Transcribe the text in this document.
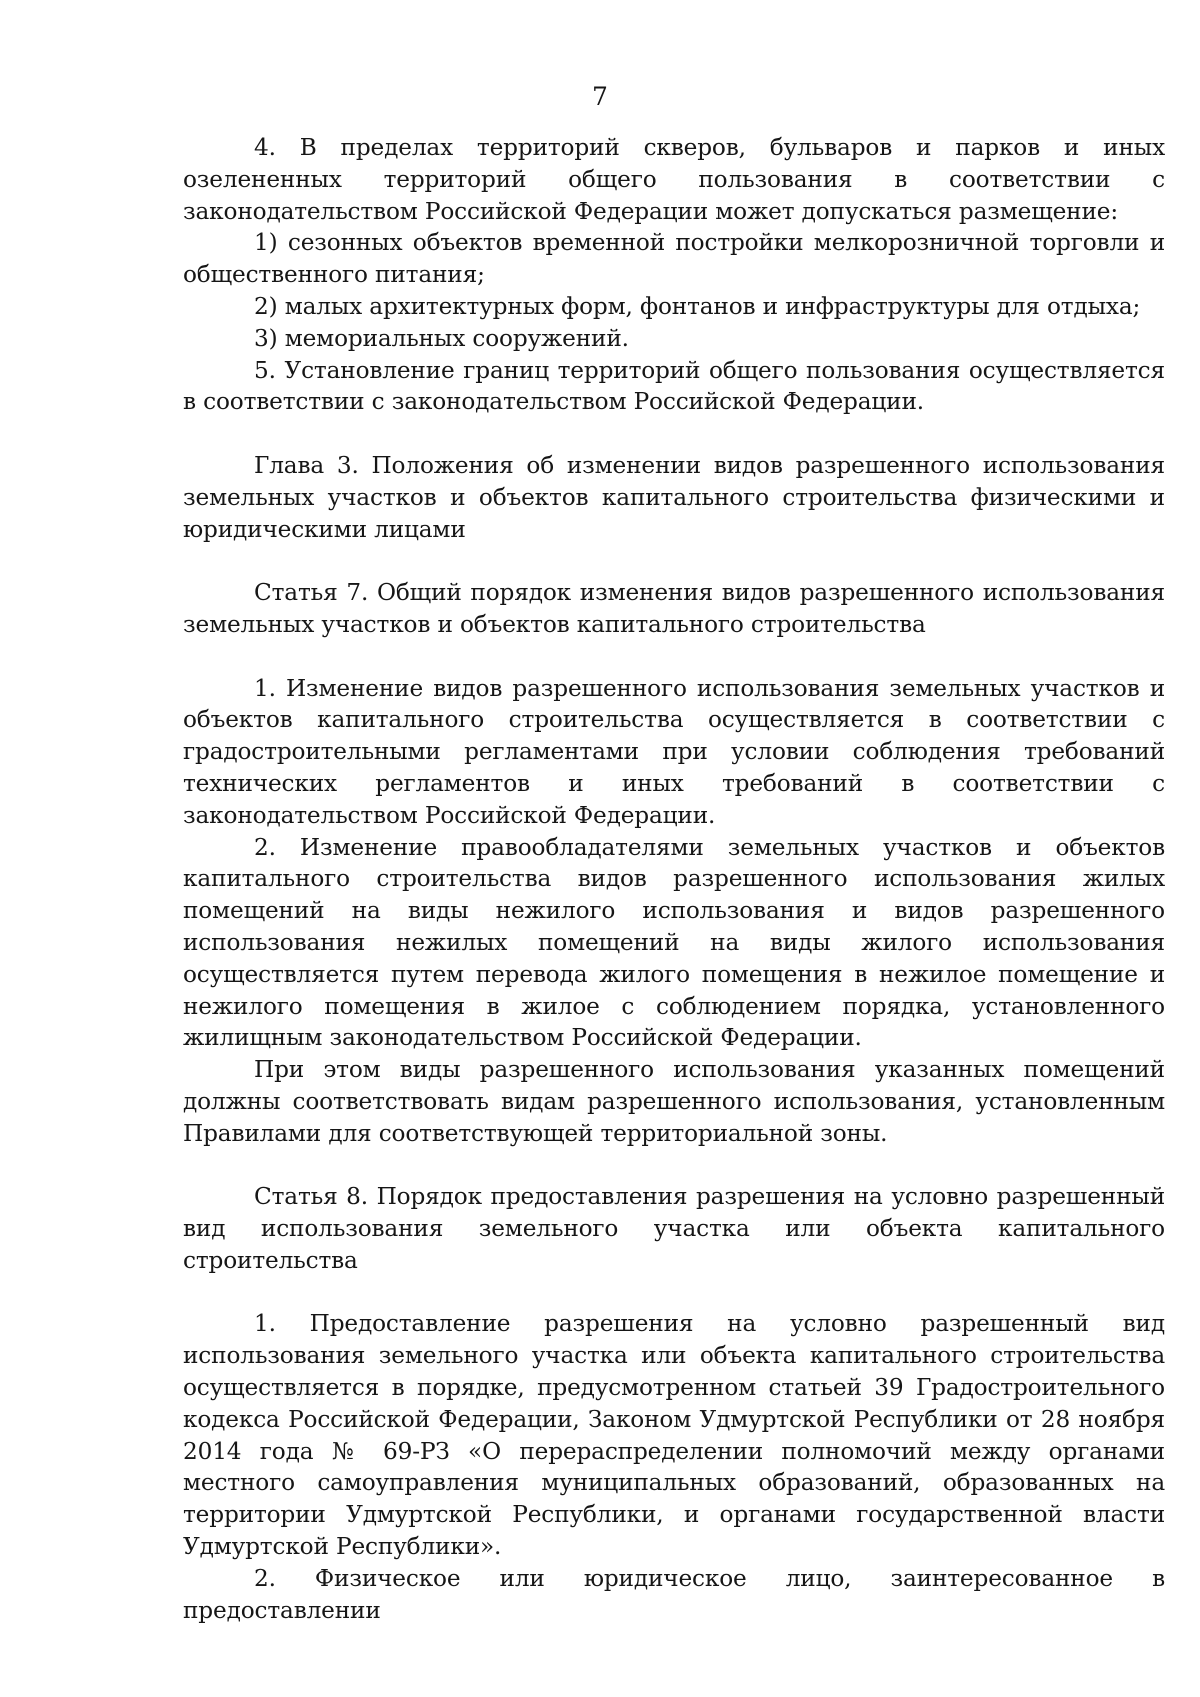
7

4. В пределах территорий скверов, бульваров и парков и иных озелененных территорий общего пользования в соответствии с законодательством Российской Федерации может допускаться размещение:

1) сезонных объектов временной постройки мелкорозничной торговли и общественного питания;

2) малых архитектурных форм, фонтанов и инфраструктуры для отдыха;

3) мемориальных сооружений.

5. Установление границ территорий общего пользования осуществляется в соответствии с законодательством Российской Федерации.

Глава 3. Положения об изменении видов разрешенного использования земельных участков и объектов капитального строительства физическими и юридическими лицами

Статья 7. Общий порядок изменения видов разрешенного использования земельных участков и объектов капитального строительства

1. Изменение видов разрешенного использования земельных участков и объектов капитального строительства осуществляется в соответствии с градостроительными регламентами при условии соблюдения требований технических регламентов и иных требований в соответствии с законодательством Российской Федерации.

2. Изменение правообладателями земельных участков и объектов капитального строительства видов разрешенного использования жилых помещений на виды нежилого использования и видов разрешенного использования нежилых помещений на виды жилого использования осуществляется путем перевода жилого помещения в нежилое помещение и нежилого помещения в жилое с соблюдением порядка, установленного жилищным законодательством Российской Федерации.

При этом виды разрешенного использования указанных помещений должны соответствовать видам разрешенного использования, установленным Правилами для соответствующей территориальной зоны.

Статья 8. Порядок предоставления разрешения на условно разрешенный вид использования земельного участка или объекта капитального строительства

1. Предоставление разрешения на условно разрешенный вид использования земельного участка или объекта капитального строительства осуществляется в порядке, предусмотренном статьей 39 Градостроительного кодекса Российской Федерации, Законом Удмуртской Республики от 28 ноября 2014 года № 69-РЗ «О перераспределении полномочий между органами местного самоуправления муниципальных образований, образованных на территории Удмуртской Республики, и органами государственной власти Удмуртской Республики».

2. Физическое или юридическое лицо, заинтересованное в предоставлении
